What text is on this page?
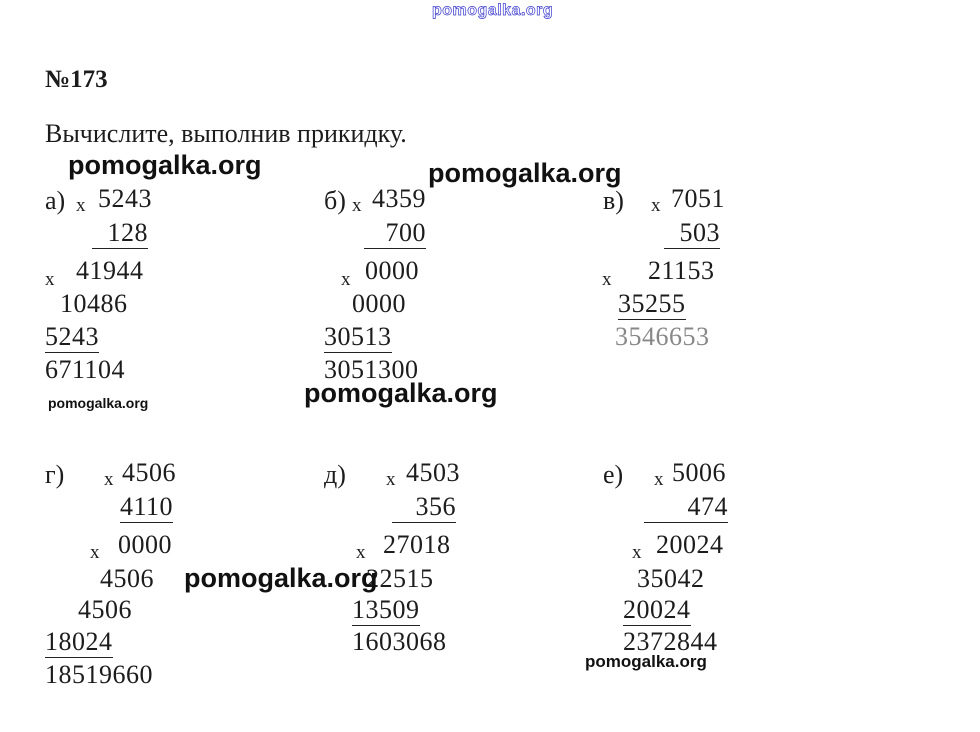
pomogalka.org
№173
Вычислите, выполнив прикидку.
а) x 5243
128
x 41944
10486
5243
671104
б) x 4359
700
x 0000
0000
30513
3051300
в) x 7051
503
x 21153
35255
3546653
г) x 4506
4110
x 0000
4506
4506
18024
18519660
д) x 4503
356
x 27018
22515
13509
1603068
е) x 5006
474
x 20024
35042
20024
2372844
pomogalka.org	pomogalka.org
pomogalka.org	pomogalka.org
pomogalka.org
pomogalka.org
